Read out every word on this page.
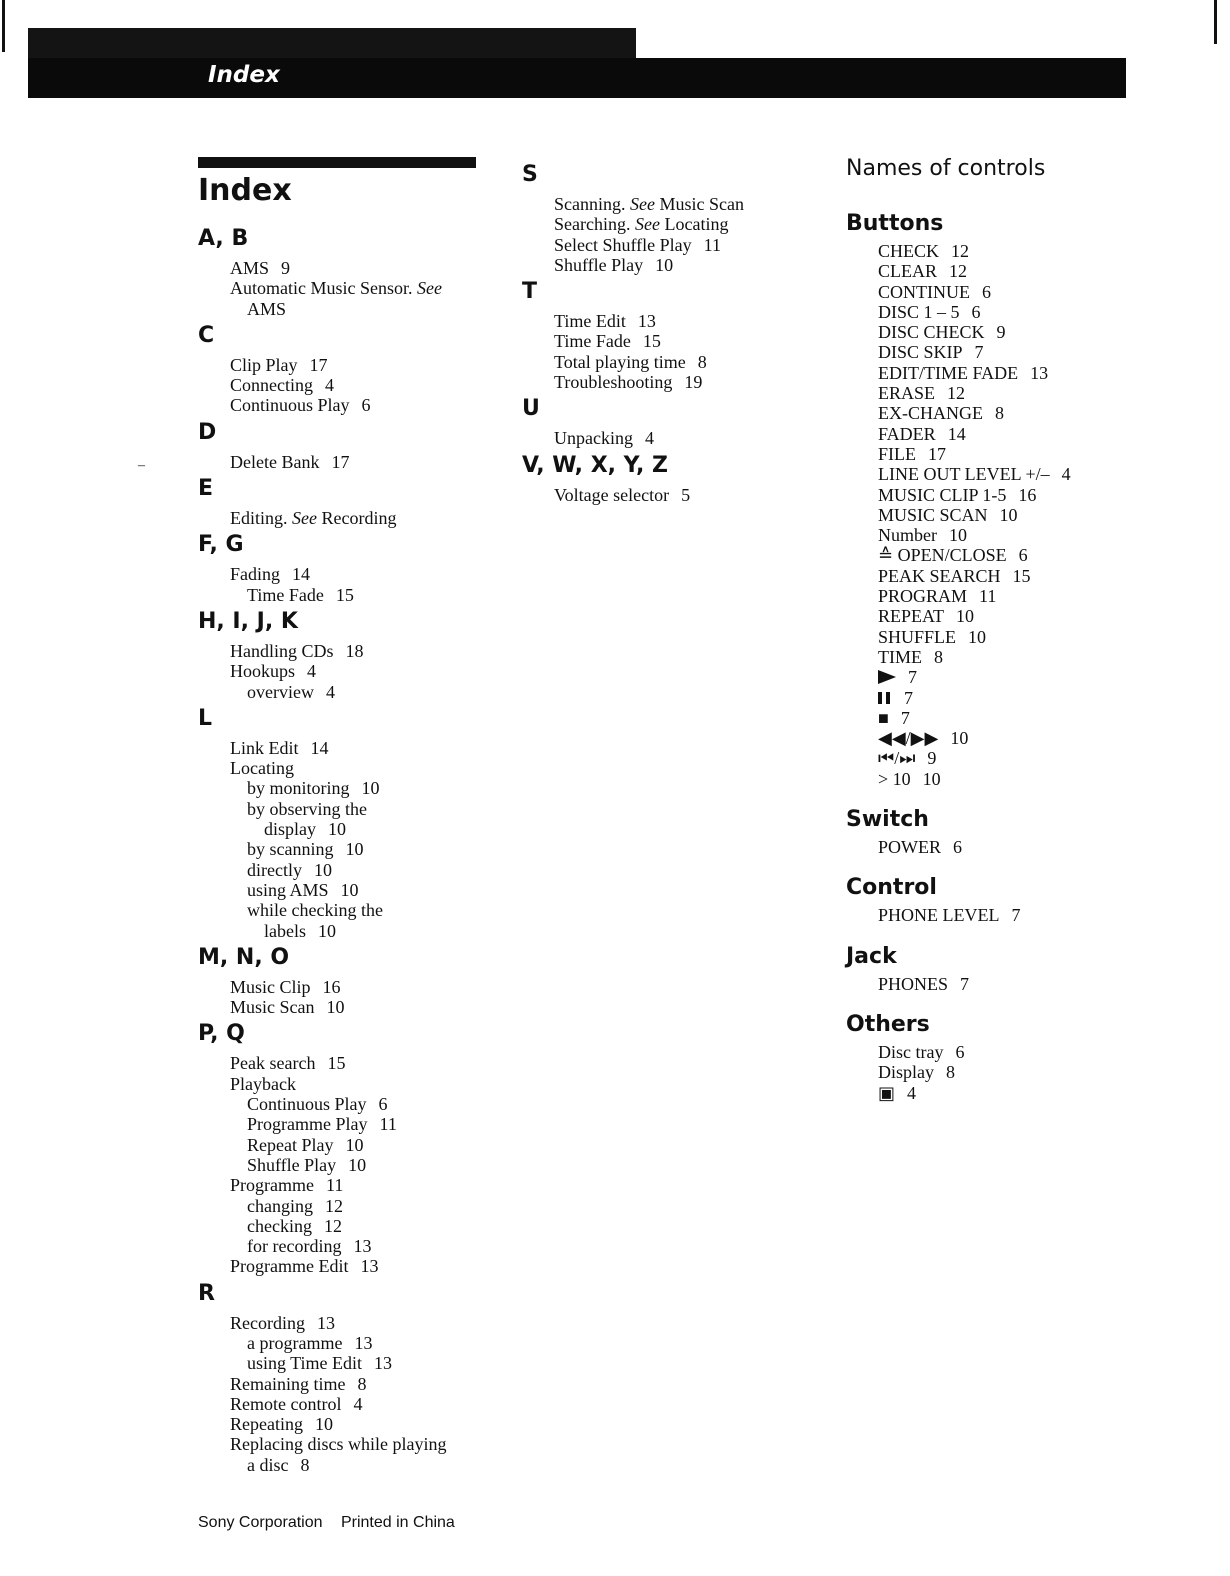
Index
–
Index
A, B
AMS 9
Automatic Music Sensor. See
AMS
C
Clip Play 17
Connecting 4
Continuous Play 6
D
Delete Bank 17
E
Editing. See Recording
F, G
Fading 14
Time Fade 15
H, I, J, K
Handling CDs 18
Hookups 4
overview 4
L
Link Edit 14
Locating
by monitoring 10
by observing the
display 10
by scanning 10
directly 10
using AMS 10
while checking the
labels 10
M, N, O
Music Clip 16
Music Scan 10
P, Q
Peak search 15
Playback
Continuous Play 6
Programme Play 11
Repeat Play 10
Shuffle Play 10
Programme 11
changing 12
checking 12
for recording 13
Programme Edit 13
R
Recording 13
a programme 13
using Time Edit 13
Remaining time 8
Remote control 4
Repeating 10
Replacing discs while playing
a disc 8
S
Scanning. See Music Scan
Searching. See Locating
Select Shuffle Play 11
Shuffle Play 10
T
Time Edit 13
Time Fade 15
Total playing time 8
Troubleshooting 19
U
Unpacking 4
V, W, X, Y, Z
Voltage selector 5
Names of controls
Buttons
CHECK 12
CLEAR 12
CONTINUE 6
DISC 1 – 5 6
DISC CHECK 9
DISC SKIP 7
EDIT/TIME FADE 13
ERASE 12
EX-CHANGE 8
FADER 14
FILE 17
LINE OUT LEVEL +/– 4
MUSIC CLIP 1-5 16
MUSIC SCAN 10
Number 10
≙ OPEN/CLOSE 6
PEAK SEARCH 15
PROGRAM 11
REPEAT 10
SHUFFLE 10
TIME 8
7
7
■ 7
◀◀/▶▶ 10
⏮/⏭ 9
> 10 10
Switch
POWER 6
Control
PHONE LEVEL 7
Jack
PHONES 7
Others
Disc tray 6
Display 8
▣ 4
Sony Corporation Printed in China
